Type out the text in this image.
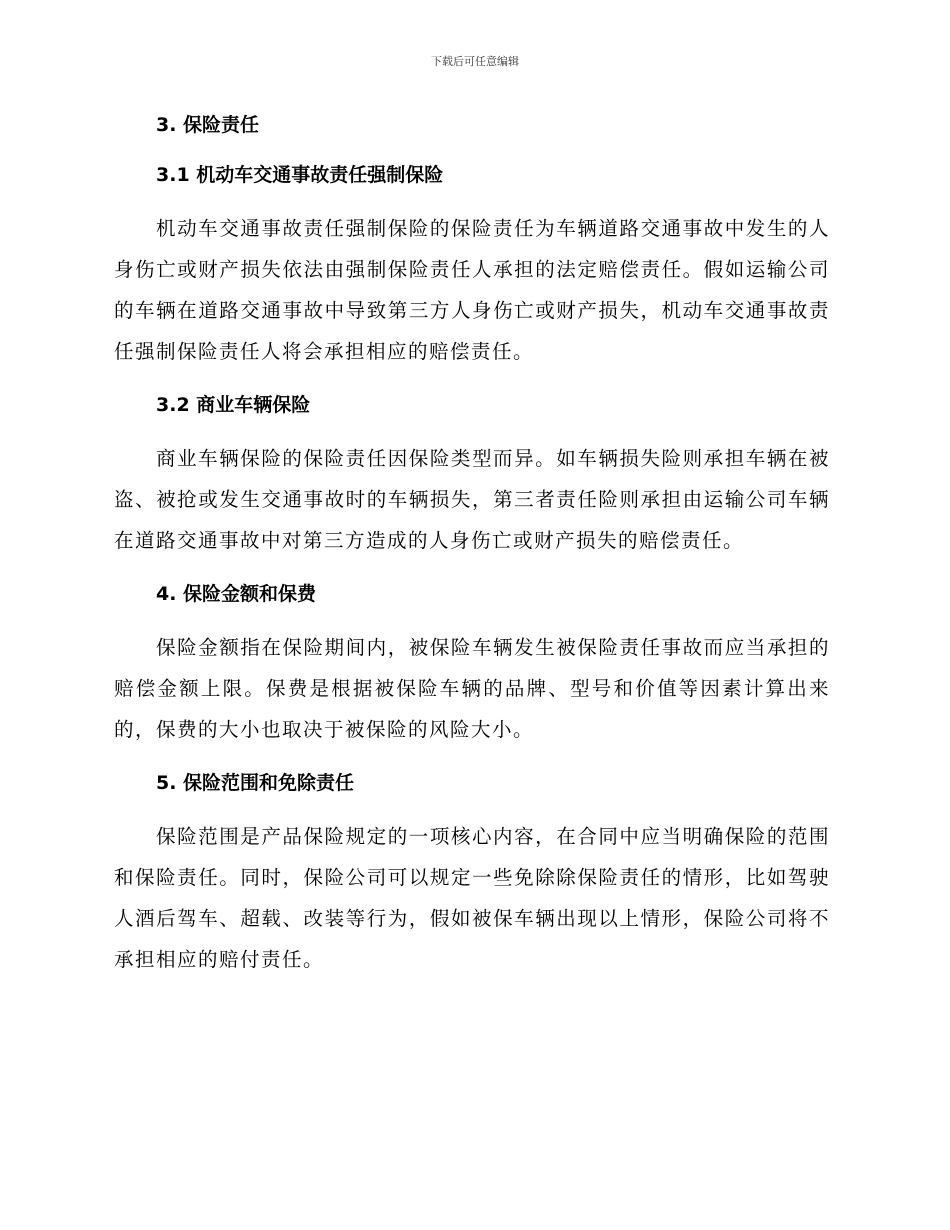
下载后可任意编辑
3. 保险责任
3.1 机动车交通事故责任强制保险

机动车交通事故责任强制保险的保险责任为车辆道路交通事故中发生的人身伤亡或财产损失依法由强制保险责任人承担的法定赔偿责任。假如运输公司的车辆在道路交通事故中导致第三方人身伤亡或财产损失，机动车交通事故责任强制保险责任人将会承担相应的赔偿责任。

3.2 商业车辆保险

商业车辆保险的保险责任因保险类型而异。如车辆损失险则承担车辆在被盗、被抢或发生交通事故时的车辆损失，第三者责任险则承担由运输公司车辆在道路交通事故中对第三方造成的人身伤亡或财产损失的赔偿责任。

4. 保险金额和保费

保险金额指在保险期间内，被保险车辆发生被保险责任事故而应当承担的赔偿金额上限。保费是根据被保险车辆的品牌、型号和价值等因素计算出来的，保费的大小也取决于被保险的风险大小。

5. 保险范围和免除责任

保险范围是产品保险规定的一项核心内容，在合同中应当明确保险的范围和保险责任。同时，保险公司可以规定一些免除除保险责任的情形，比如驾驶人酒后驾车、超载、改装等行为，假如被保车辆出现以上情形，保险公司将不承担相应的赔付责任。
